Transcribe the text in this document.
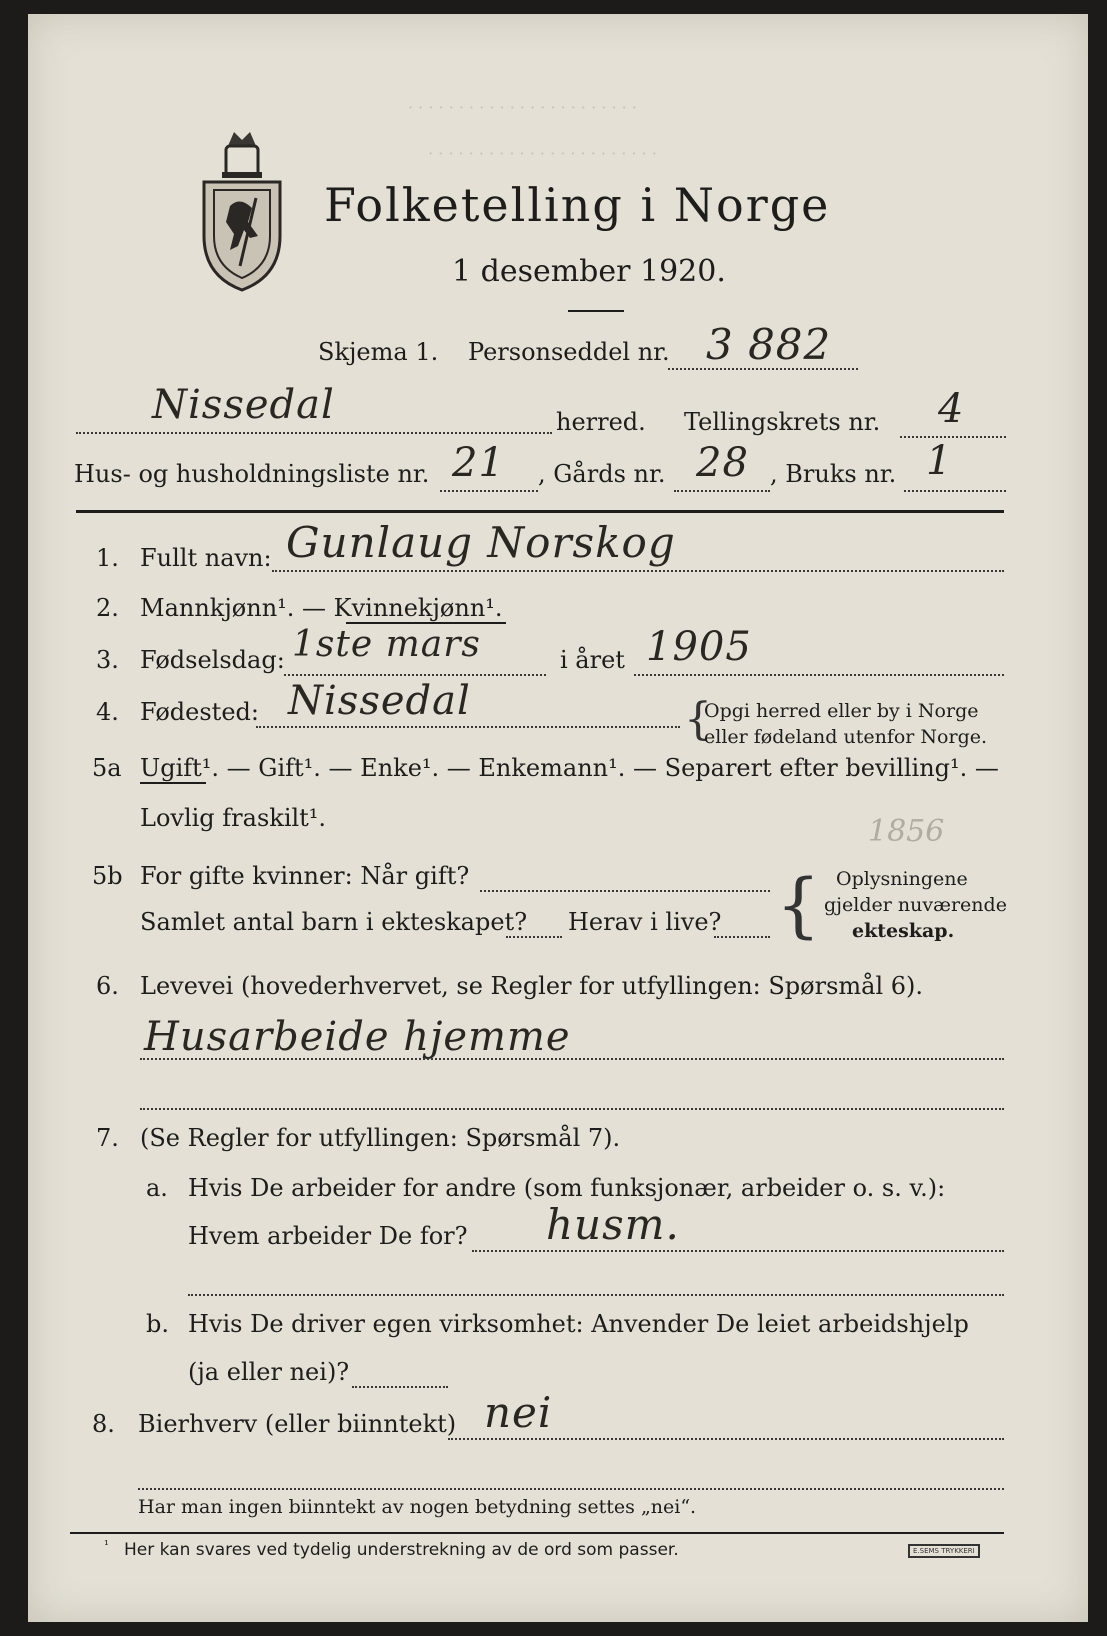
· · · · · · · · · · · · · · · · · · · · · · ·
· · · · · · · · · · · · · · · · · · · · · · ·
Folketelling i Norge
1 desember 1920.
Skjema 1. Personseddel nr. 3 882
Nissedal	herred. Tellingskrets nr. 4
Hus- og husholdningsliste nr. 21 , Gårds nr. 28 , Bruks nr. 1
1. Fullt navn: Gunlaug Norskog
2. Mannkjønn¹. — Kvinnekjønn¹.
3. Fødselsdag: 1ste mars	i året 1905
4. Fødested: Nissedal	{
Opgi herred eller by i Norge
eller fødeland utenfor Norge.
5a Ugift¹. — Gift¹. — Enke¹. — Enkemann¹. — Separert efter bevilling¹. —
Lovlig fraskilt¹.	1856
5b For gifte kvinner: Når gift?
Samlet antal barn i ekteskapet? Herav i live? { Oplysningene
gjelder nuværende
ekteskap.
6. Levevei (hovederhvervet, se Regler for utfyllingen: Spørsmål 6).
Husarbeide hjemme
7. (Se Regler for utfyllingen: Spørsmål 7).
a. Hvis De arbeider for andre (som funksjonær, arbeider o. s. v.):
Hvem arbeider De for? husm.
b. Hvis De driver egen virksomhet: Anvender De leiet arbeidshjelp
(ja eller nei)?
8. Bierhverv (eller biinntekt) nei
Har man ingen biinntekt av nogen betydning settes „nei“.
¹ Her kan svares ved tydelig understrekning av de ord som passer.	E.SEMS TRYKKERI
